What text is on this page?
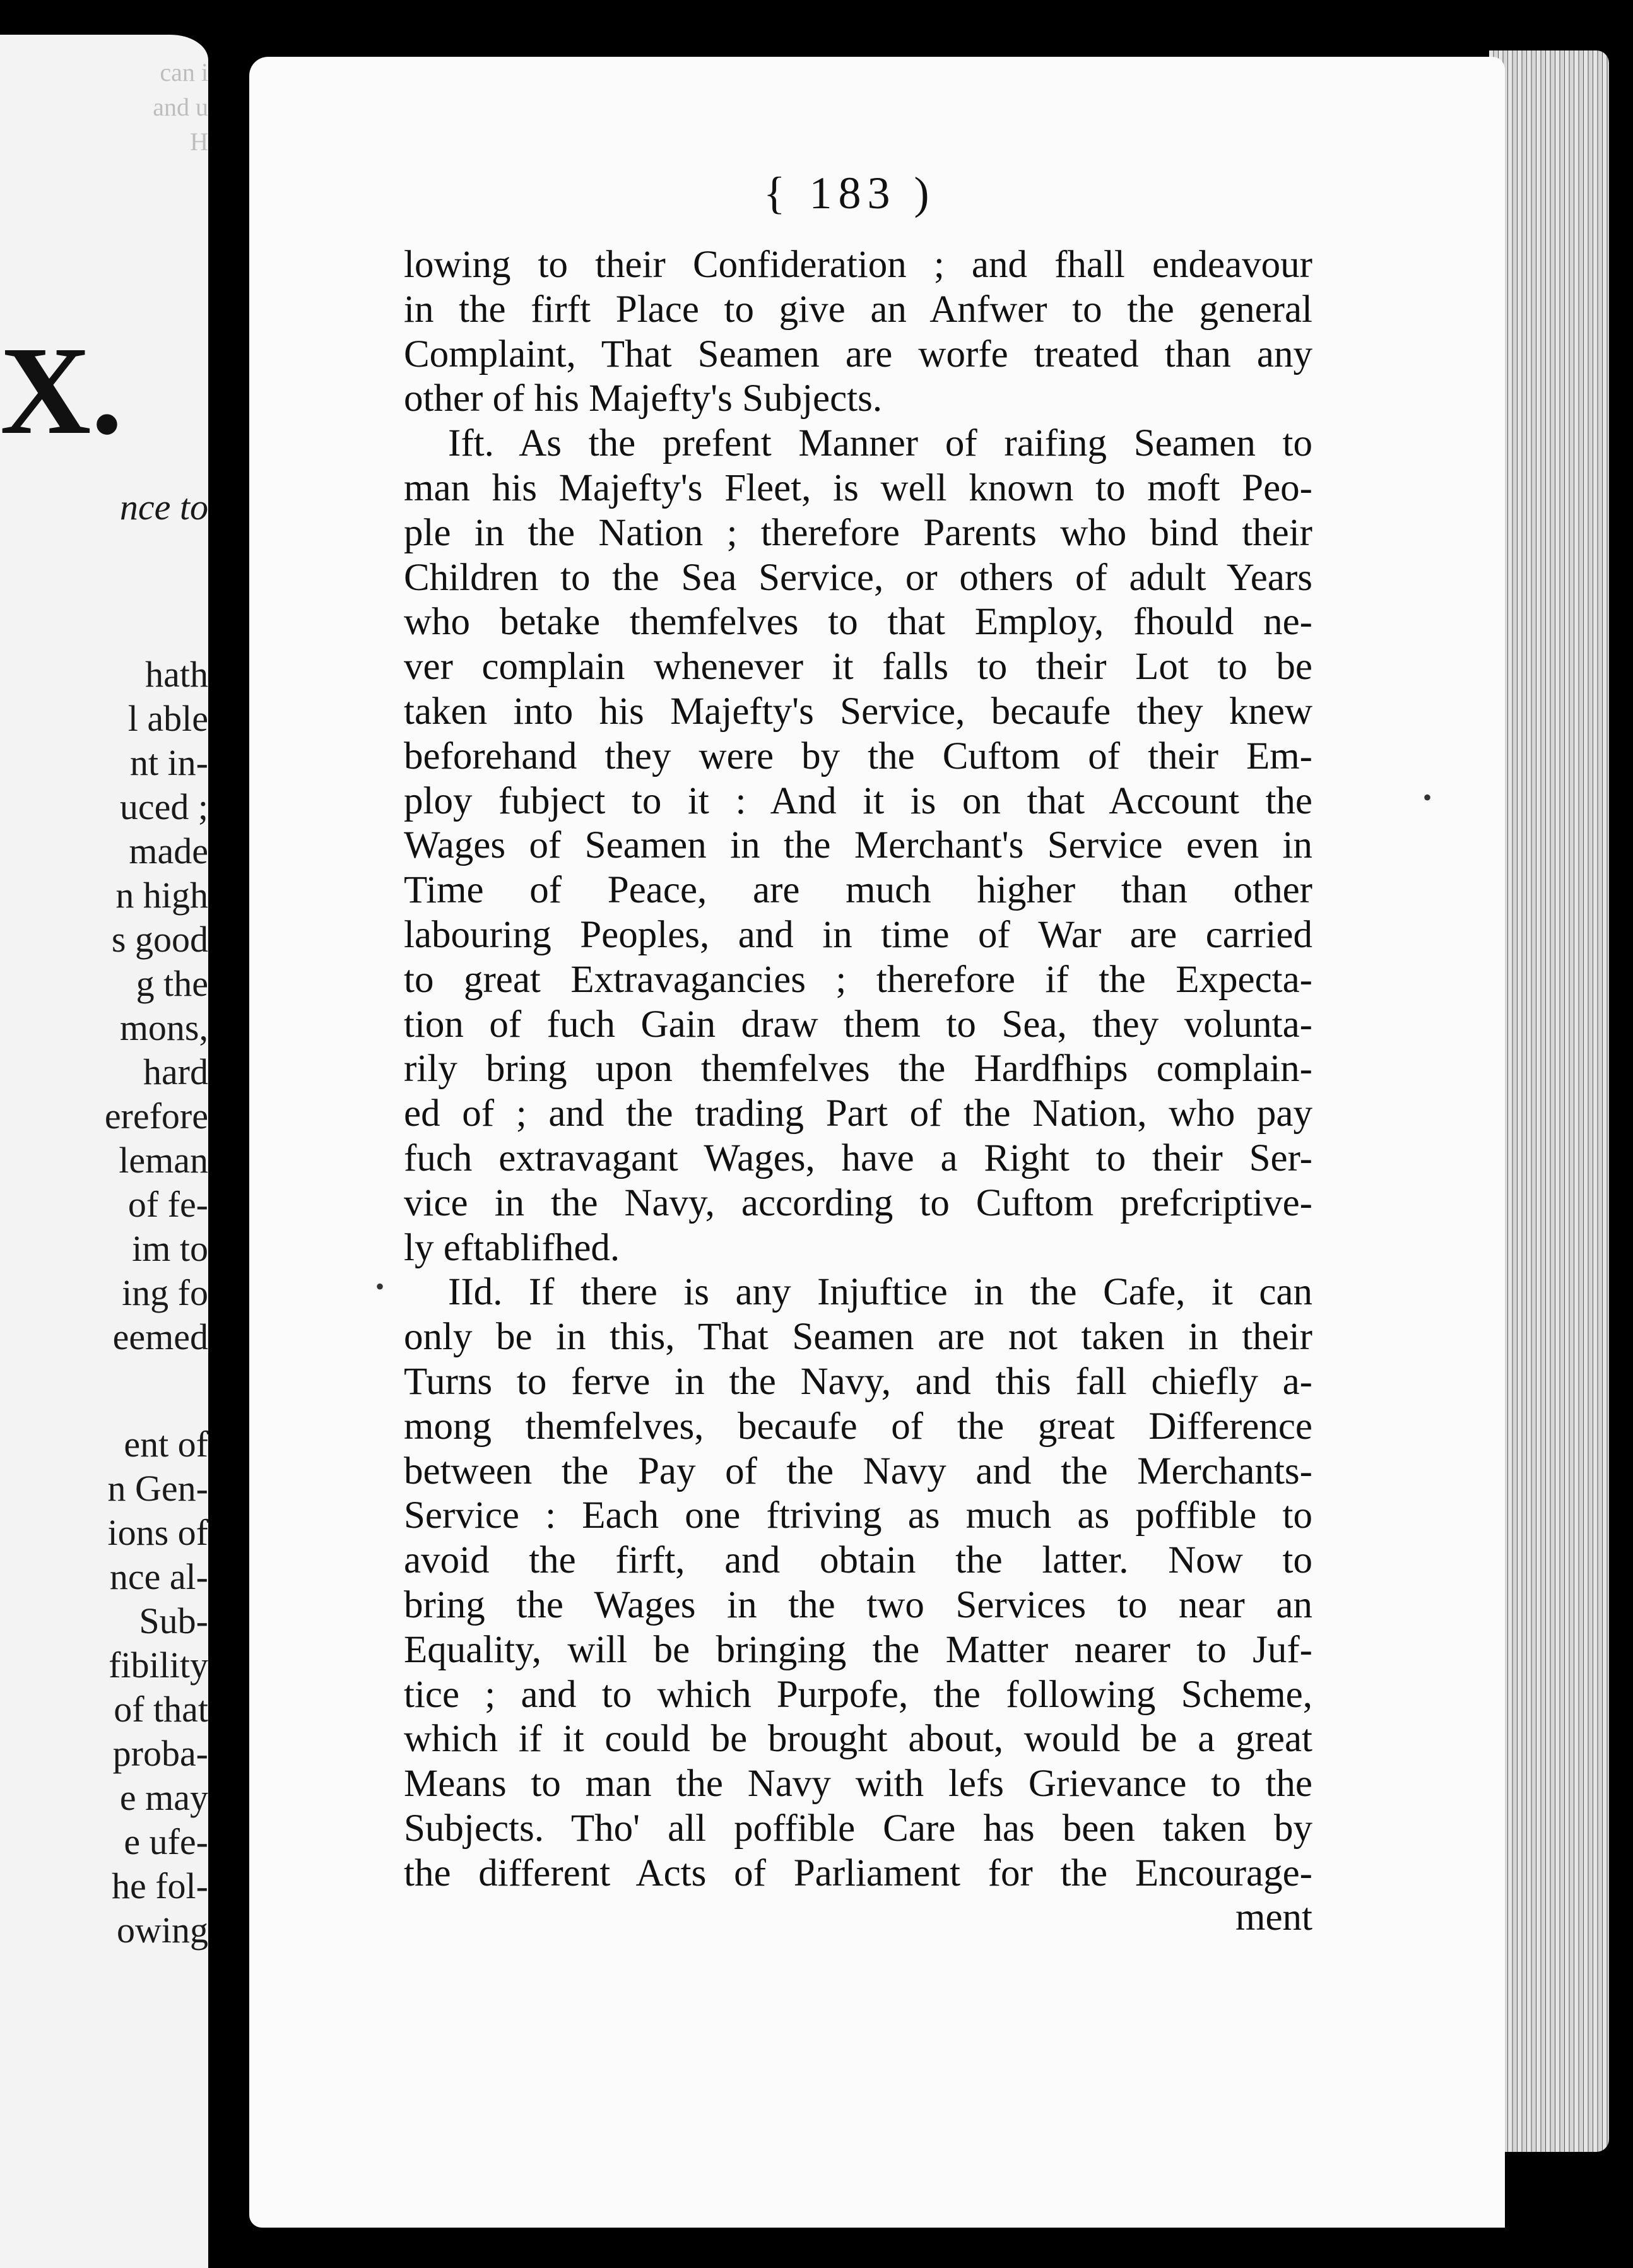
can i
and u
H
X.
nce to
hath
l able
nt in-
uced ;
made
n high
s good
g the
mons,
hard
erefore
leman
of fe-
im to
ing fo
eemed
ent of
n Gen-
ions of
nce al-
Sub-
fibility
of that
proba-
e may
e ufe-
he fol-
owing
{ 183 )
•
•
lowing to their Confideration ; and fhall endeavour
in the firft Place to give an Anfwer to the general
Complaint, That Seamen are worfe treated than any
other of his Majefty's Subjects.
Ift. As the prefent Manner of raifing Seamen to
man his Majefty's Fleet, is well known to moft Peo-
ple in the Nation ; therefore Parents who bind their
Children to the Sea Service, or others of adult Years
who betake themfelves to that Employ, fhould ne-
ver complain whenever it falls to their Lot to be
taken into his Majefty's Service, becaufe they knew
beforehand they were by the Cuftom of their Em-
ploy fubject to it : And it is on that Account the
Wages of Seamen in the Merchant's Service even in
Time of Peace, are much higher than other
labouring Peoples, and in time of War are carried
to great Extravagancies ; therefore if the Expecta-
tion of fuch Gain draw them to Sea, they volunta-
rily bring upon themfelves the Hardfhips complain-
ed of ; and the trading Part of the Nation, who pay
fuch extravagant Wages, have a Right to their Ser-
vice in the Navy, according to Cuftom prefcriptive-
ly eftablifhed.
IId. If there is any Injuftice in the Cafe, it can
only be in this, That Seamen are not taken in their
Turns to ferve in the Navy, and this fall chiefly a-
mong themfelves, becaufe of the great Difference
between the Pay of the Navy and the Merchants-
Service : Each one ftriving as much as poffible to
avoid the firft, and obtain the latter. Now to
bring the Wages in the two Services to near an
Equality, will be bringing the Matter nearer to Juf-
tice ; and to which Purpofe, the following Scheme,
which if it could be brought about, would be a great
Means to man the Navy with lefs Grievance to the
Subjects. Tho' all poffible Care has been taken by
the different Acts of Parliament for the Encourage-
ment
